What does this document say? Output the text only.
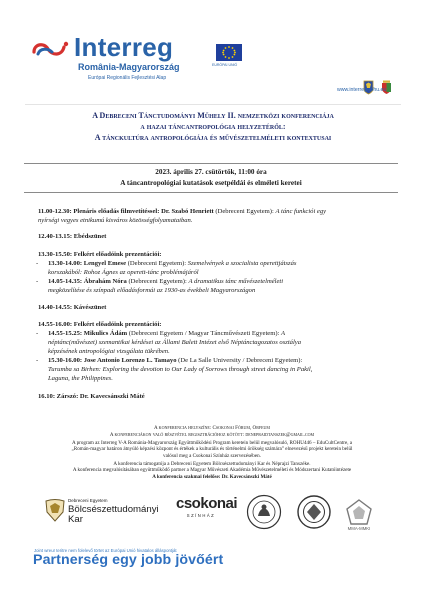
Interreg
România-Magyarország
Európai Regionális Fejlesztési Alap
EURÓPAI UNIÓ
www.interreg-rohu.eu
A Debreceni Tánctudományi Műhely II. nemzetközi konferenciája
a hazai táncantropológia helyzetéről:
A tánckultúra antropológiája és művészetelméleti kontextusai
2023. április 27. csütörtök, 11:00 óra
A táncantropológiai kutatások esetpéldái és elméleti keretei
11.00-12.30: Plenáris előadás filmvetítéssel: Dr. Szabó Henriett (Debreceni Egyetem): A tánc funkciói egy
nyírségi vegyes etnikumú kisváros közösségfolyamataiban.
12.40-13.15: Ebédszünet
13.30-15.50: Felkért előadóink prezentációi:
- 13.30-14.00: Lengyel Emese (Debreceni Egyetem): Szemelvények a szocialista operettjátszás
korszakából: Rohoz Ágnes az operett-tánc problémájáról
- 14.05-14.35: Ábrahám Nóra (Debreceni Egyetem): A dramatikus tánc művészetelméleti
megközelítése és színpadi előadásformái az 1930-as évekbeli Magyarországon
14.40-14.55: Kávészünet
14.55-16.00: Felkért előadóink prezentációi:
- 14.55-15.25: Mikulics Ádám (Debreceni Egyetem / Magyar Táncművészeti Egyetem): A
néptánc(művészet) szemantikai kérdései az Állami Balett Intézet első Néptánctagozatos osztálya
képzésének antropológiai vizsgálata tükrében.
- 15.30-16.00: Jose Antonio Lorenzo L. Tamayo (De La Salle University / Debreceni Egyetem):
Turumba sa Birhen: Exploring the devotion to Our Lady of Sorrows through street dancing in Pakil,
Laguna, the Philippines.
16.10: Zárszó: Dr. Kavecsánszki Máté
A konferencia helyszíne: Csokonai Fórum, Orfeum
A konferenciákon való részvétel regisztrációhoz kötött: denepraidtanszek@gmail.com
A program az Interreg V-A Románia-Magyarország Együttműködési Program keretein belül megvalósuló, ROHU446 – EduCultCentre, a
„Román-magyar határon átnyúló képzési központ és értékek a kulturális és történelmi örökség számára” elnevezésű projekt keretein belül
valósul meg a Csokonai Színház szervezésében.
A konferencia támogatója a Debreceni Egyetem Bölcsészettudományi Kar és Néprajzi Tanszéke.
A konferencia megvalósításában együttműködő partner a Magyar Művészeti Akadémia Művészetelméleti és Módszertani Kutatóintézete
A konferencia szakmai felelőse: Dr. Kavecsánszki Máté
Debreceni Egyetem
Bölcsészettudományi
Kar
csokonai
SZÍNHÁZ
MMA-MMKI
Joint wreur teritre nem folelevő törtet az Európai Unió hivatalos álláspontját
Partnerség egy jobb jövőért
